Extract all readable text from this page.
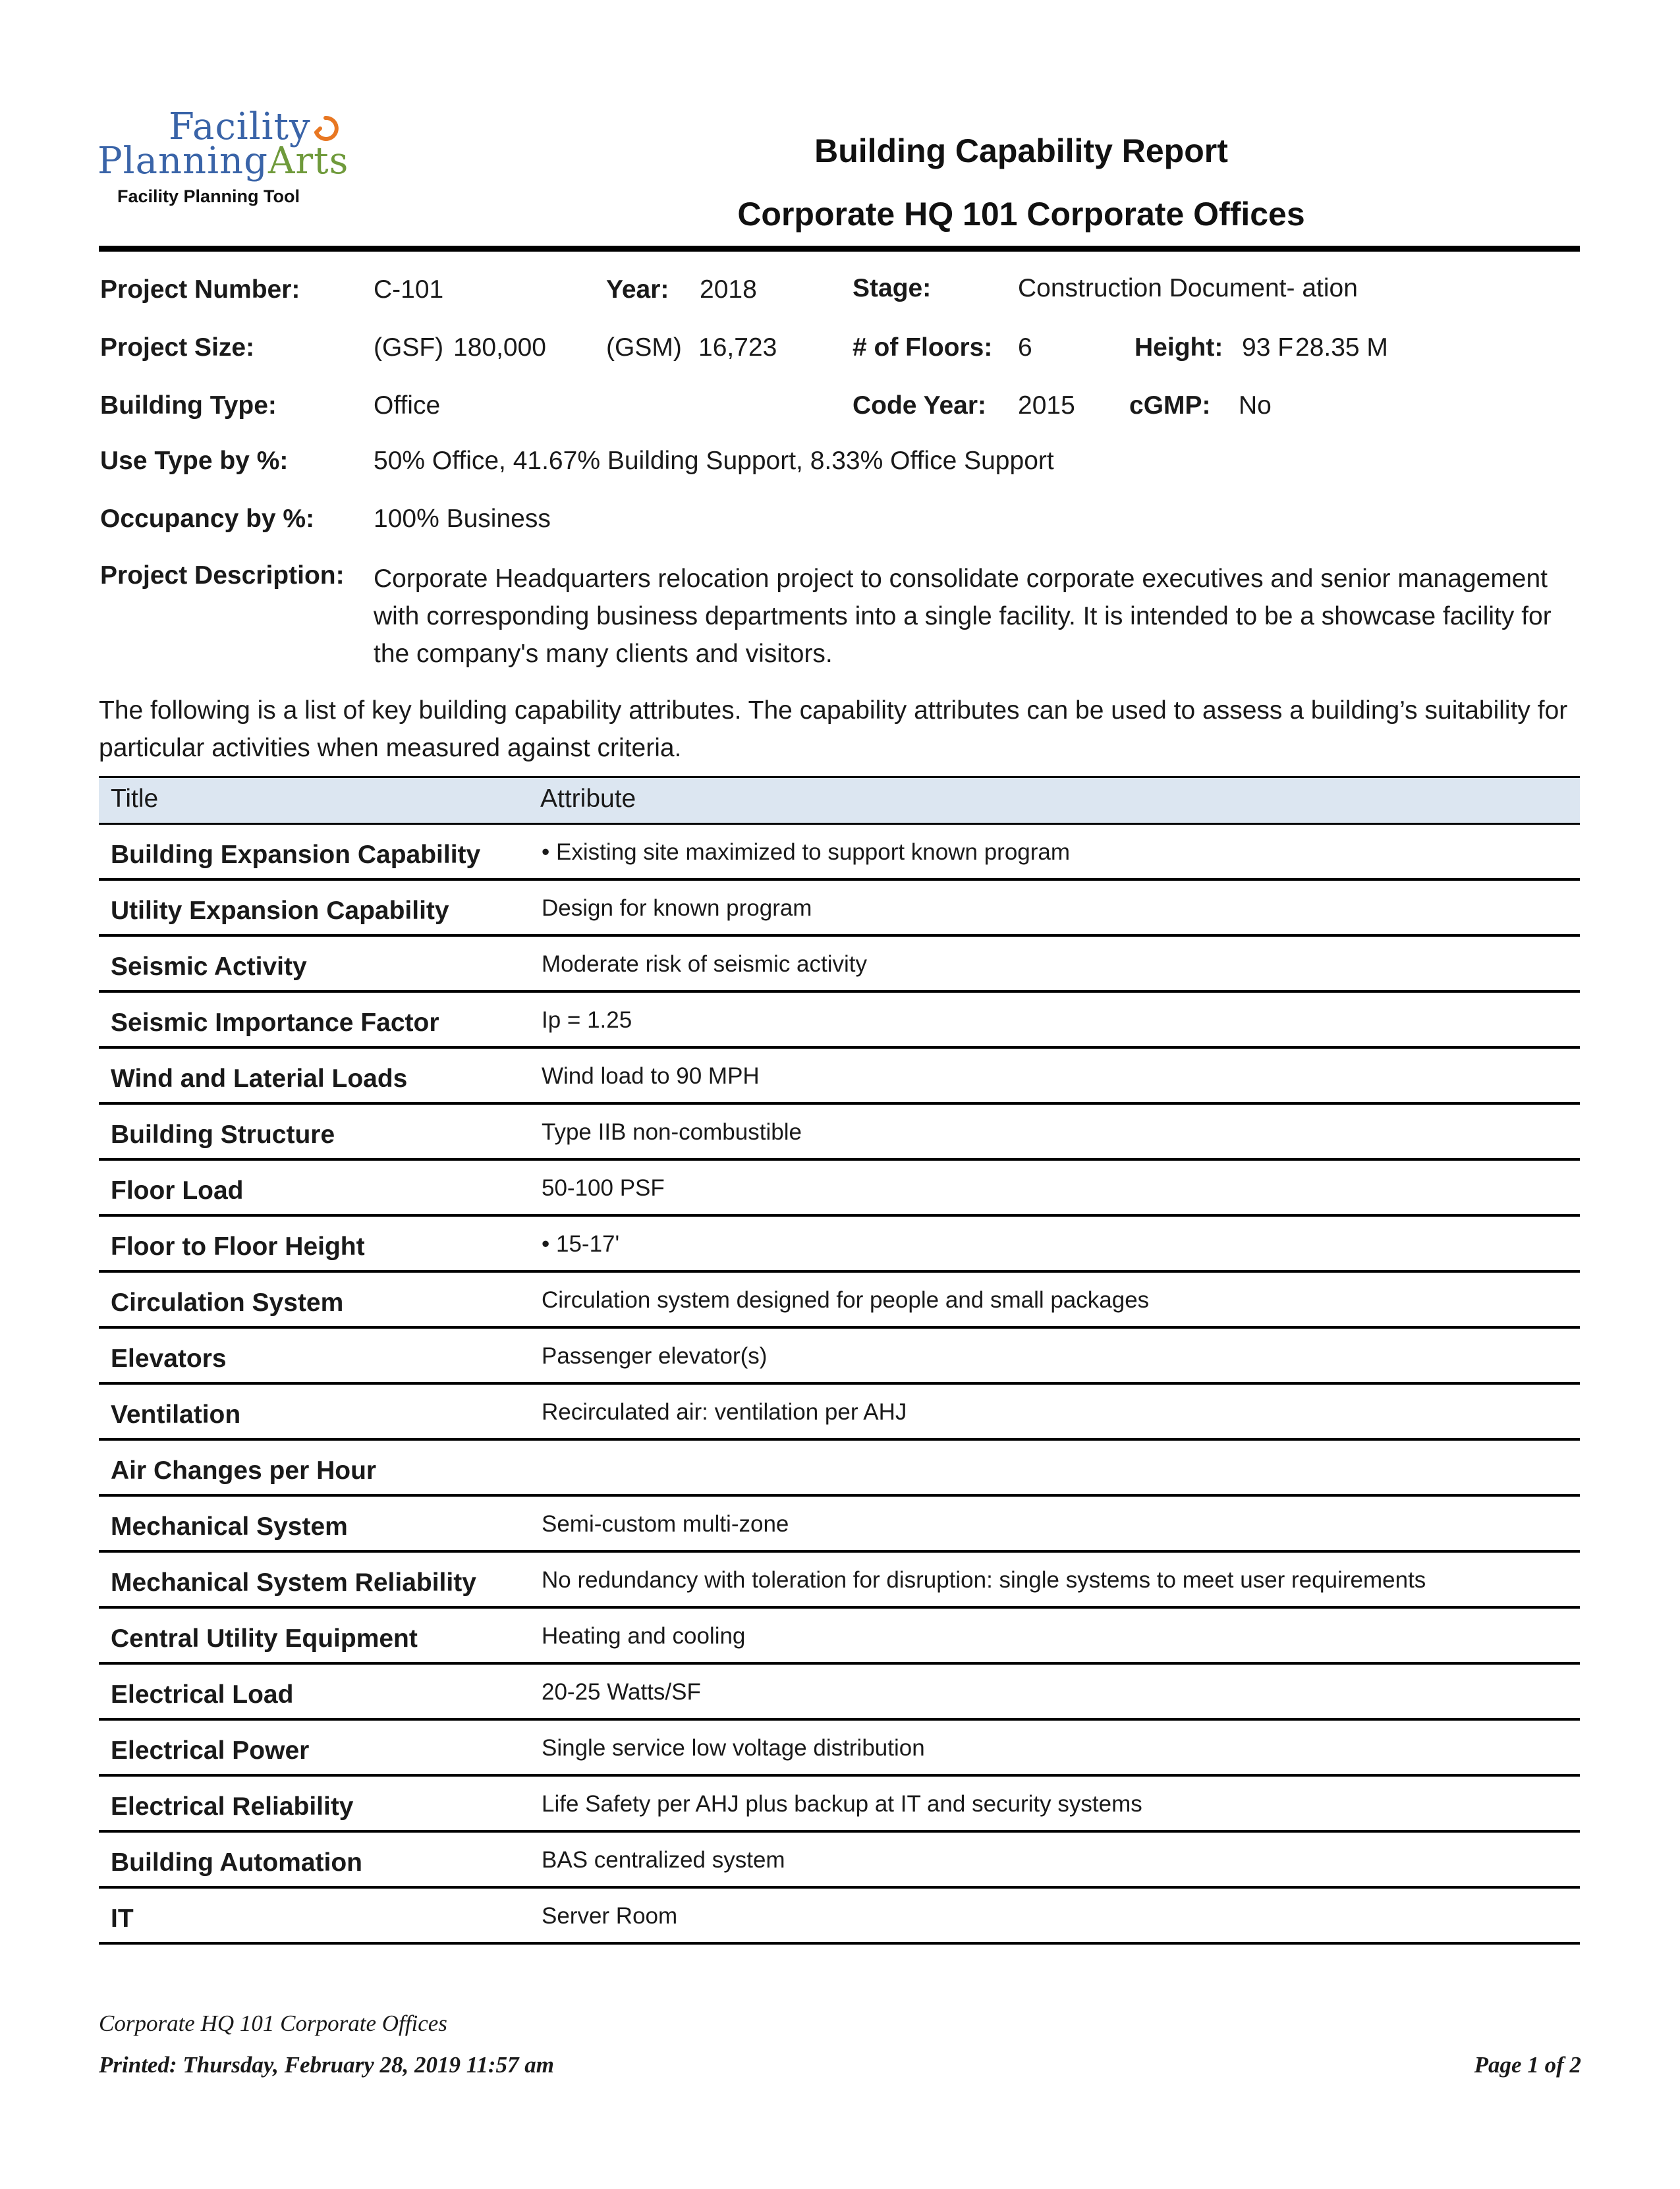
Facility
PlanningArts
Facility Planning Tool
Building Capability Report
Corporate HQ 101 Corporate Offices
Project Number:	C-101	Year: 2018	Stage:	Construction Document- ation
Project Size:	(GSF) 180,000 (GSM) 16,723	# of Floors: 6	Height: 93 F 28.35 M
Building Type:	Office	Code Year: 2015 cGMP: No
Use Type by %:	50% Office, 41.67% Building Support, 8.33% Office Support
Occupancy by %: 100% Business
Project Description: Corporate Headquarters relocation project to consolidate corporate executives and senior management with corresponding business departments into a single facility. It is intended to be a showcase facility for the company's many clients and visitors.
The following is a list of key building capability attributes. The capability attributes can be used to assess a building’s suitability for particular activities when measured against criteria.
Title	Attribute
Building Expansion Capability	• Existing site maximized to support known program
Utility Expansion Capability	Design for known program
Seismic Activity	Moderate risk of seismic activity
Seismic Importance Factor	Ip = 1.25
Wind and Laterial Loads	Wind load to 90 MPH
Building Structure	Type IIB non-combustible
Floor Load	50-100 PSF
Floor to Floor Height	• 15-17'
Circulation System	Circulation system designed for people and small packages
Elevators	Passenger elevator(s)
Ventilation	Recirculated air: ventilation per AHJ
Air Changes per Hour
Mechanical System	Semi-custom multi-zone
Mechanical System Reliability	No redundancy with toleration for disruption: single systems to meet user requirements
Central Utility Equipment	Heating and cooling
Electrical Load	20-25 Watts/SF
Electrical Power	Single service low voltage distribution
Electrical Reliability	Life Safety per AHJ plus backup at IT and security systems
Building Automation	BAS centralized system
IT	Server Room
Corporate HQ 101 Corporate Offices
Printed: Thursday, February 28, 2019 11:57 am	Page 1 of 2
